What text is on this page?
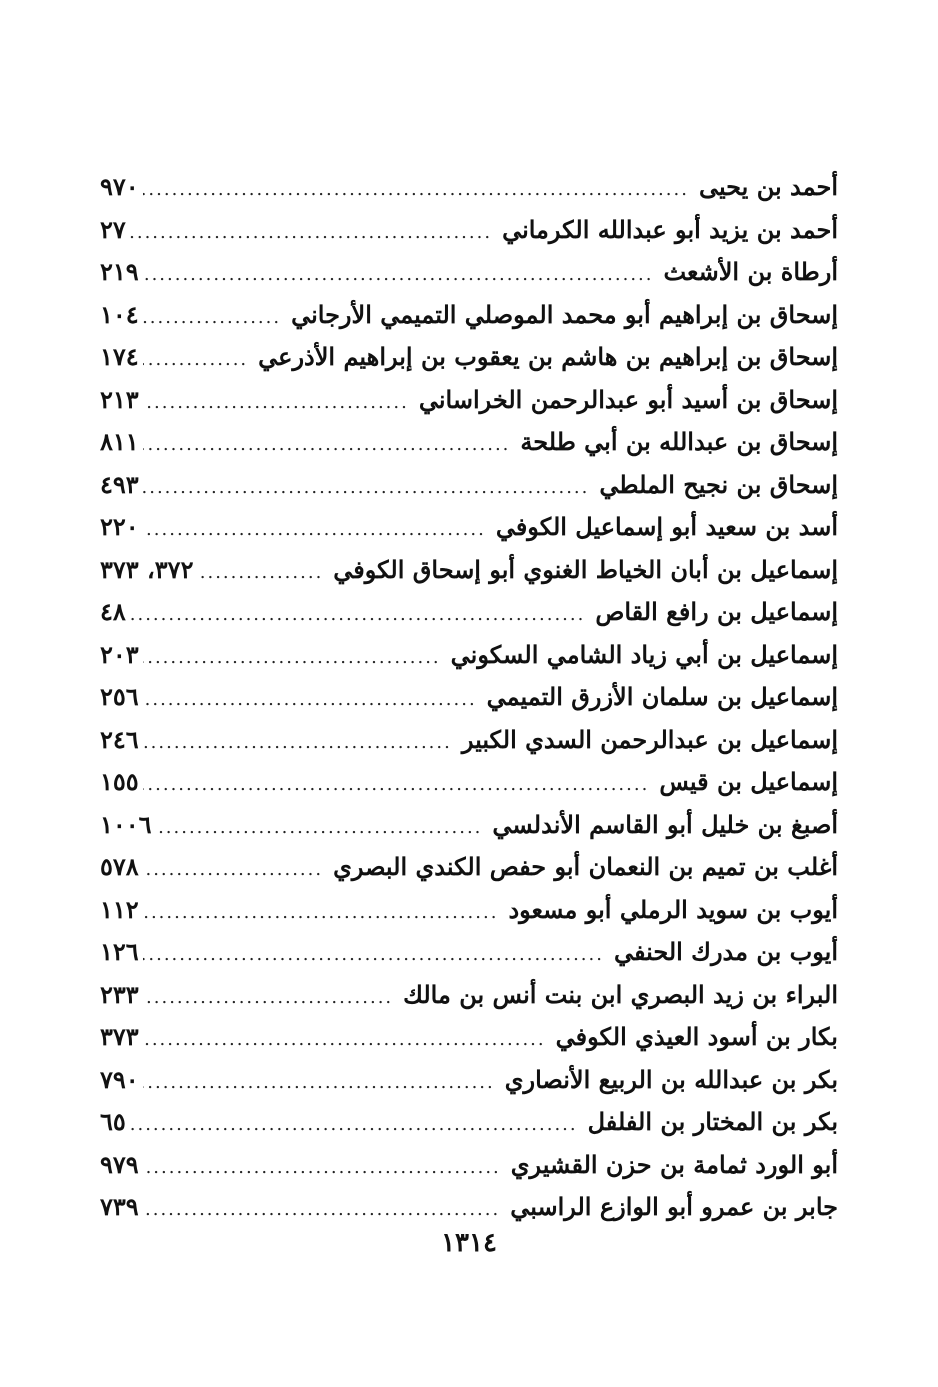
أحمد بن يحيى
.....
٩٧٠
أحمد بن يزيد أبو عبدالله الكرماني
.....
٢٧
أرطاة بن الأشعث
.....
٢١٩
إسحاق بن إبراهيم أبو محمد الموصلي التميمي الأرجاني
.....
١٠٤
إسحاق بن إبراهيم بن هاشم بن يعقوب بن إبراهيم الأذرعي
.....
١٧٤
إسحاق بن أسيد أبو عبدالرحمن الخراساني
.....
٢١٣
إسحاق بن عبدالله بن أبي طلحة
.....
٨١١
إسحاق بن نجيح الملطي
.....
٤٩٣
أسد بن سعيد أبو إسماعيل الكوفي
.....
٢٢٠
إسماعيل بن أبان الخياط الغنوي أبو إسحاق الكوفي
.....
٣٧٢، ٣٧٣
إسماعيل بن رافع القاص
.....
٤٨
إسماعيل بن أبي زياد الشامي السكوني
.....
٢٠٣
إسماعيل بن سلمان الأزرق التميمي
.....
٢٥٦
إسماعيل بن عبدالرحمن السدي الكبير
.....
٢٤٦
إسماعيل بن قيس
.....
١٥٥
أصبغ بن خليل أبو القاسم الأندلسي
.....
١٠٠٦
أغلب بن تميم بن النعمان أبو حفص الكندي البصري
.....
٥٧٨
أيوب بن سويد الرملي أبو مسعود
.....
١١٢
أيوب بن مدرك الحنفي
.....
١٢٦
البراء بن زيد البصري ابن بنت أنس بن مالك
.....
٢٣٣
بكار بن أسود العيذي الكوفي
.....
٣٧٣
بكر بن عبدالله بن الربيع الأنصاري
.....
٧٩٠
بكر بن المختار بن الفلفل
.....
٦٥
أبو الورد ثمامة بن حزن القشيري
.....
٩٧٩
جابر بن عمرو أبو الوازع الراسبي
.....
٧٣٩
١٣١٤
